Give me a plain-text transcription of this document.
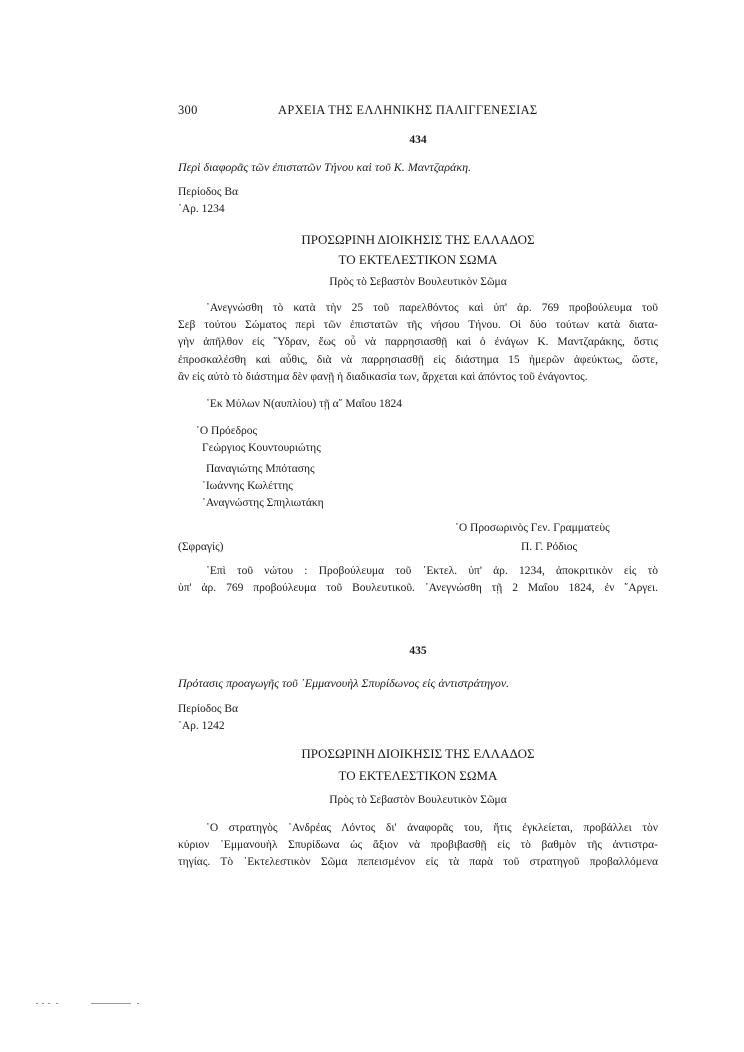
300	ΑΡΧΕΙΑ ΤΗΣ ΕΛΛΗΝΙΚΗΣ ΠΑΛΙΓΓΕΝΕΣΙΑΣ
434
Περὶ διαφορᾶς τῶν ἐπιστατῶν Τήνου καὶ τοῦ Κ. Μαντζαράκη.
Περίοδος Βα
᾿Αρ. 1234
ΠΡΟΣΩΡΙΝΗ ΔΙΟΙΚΗΣΙΣ ΤΗΣ ΕΛΛΑΔΟΣ
ΤΟ ΕΚΤΕΛΕΣΤΙΚΟΝ ΣΩΜΑ
Πρὸς τὸ Σεβαστὸν Βουλευτικὸν Σῶμα
᾿Ανεγνώσθη τὸ κατὰ τὴν 25 τοῦ παρελθόντος καὶ ὑπ' ἀρ. 769 προβούλευμα τοῦ
Σεβ τούτου Σώματος περὶ τῶν ἐπιστατῶν τῆς νήσου Τήνου. Οἱ δύο τούτων κατὰ διατα-
γὴν ἀπῆλθον εἰς ῞Υδραν, ἕως οὗ νὰ παρρησιασθῇ καὶ ὁ ἐνάγων Κ. Μαντζαράκης, ὅστις
ἐπροσκαλέσθη καὶ αὖθις, διὰ νὰ παρρησιασθῇ εἰς διάστημα 15 ἡμερῶν ἀφεύκτως, ὥστε,
ἂν εἰς αὐτὸ τὸ διάστημα δὲν φανῇ ἡ διαδικασία των, ἄρχεται καὶ ἀπόντος τοῦ ἐνάγοντος.
᾿Εκ Μύλων Ν(αυπλίου) τῇ α῎ Μαΐου 1824
῾Ο Πρόεδρος
Γεώργιος Κουντουριώτης
Παναγιώτης Μπότασης
᾿Ιωάννης Κωλέττης
᾿Αναγνώστης Σπηλιωτάκη
῾Ο Προσωρινὸς Γεν. Γραμματεὺς
(Σφραγίς)	Π. Γ. Ρόδιος
᾿Επὶ τοῦ νώτου : Προβούλευμα τοῦ ᾿Εκτελ. ὑπ' ἀρ. 1234, ἀποκριτικὸν εἰς τὸ
ὑπ' ἀρ. 769 προβούλευμα τοῦ Βουλευτικοῦ. ᾿Ανεγνώσθη τῇ 2 Μαΐου 1824, ἐν ῎Αργει.
435
Πρότασις προαγωγῆς τοῦ ᾿Εμμανουὴλ Σπυρίδωνος εἰς ἀντιστράτηγον.
Περίοδος Βα
᾿Αρ. 1242
ΠΡΟΣΩΡΙΝΗ ΔΙΟΙΚΗΣΙΣ ΤΗΣ ΕΛΛΑΔΟΣ
ΤΟ ΕΚΤΕΛΕΣΤΙΚΟΝ ΣΩΜΑ
Πρὸς τὸ Σεβαστὸν Βουλευτικὸν Σῶμα
῾Ο στρατηγὸς ᾿Ανδρέας Λόντος δι' ἀναφορᾶς του, ἥτις ἐγκλείεται, προβάλλει τὸν
κύριον ᾿Εμμανουὴλ Σπυρίδωνα ὡς ἄξιον νὰ προβιβασθῇ εἰς τὸ βαθμὸν τῆς ἀντιστρα-
τηγίας. Τὸ ᾿Εκτελεστικὸν Σῶμα πεπεισμένον εἰς τὰ παρὰ τοῦ στρατηγοῦ προβαλλόμενα
